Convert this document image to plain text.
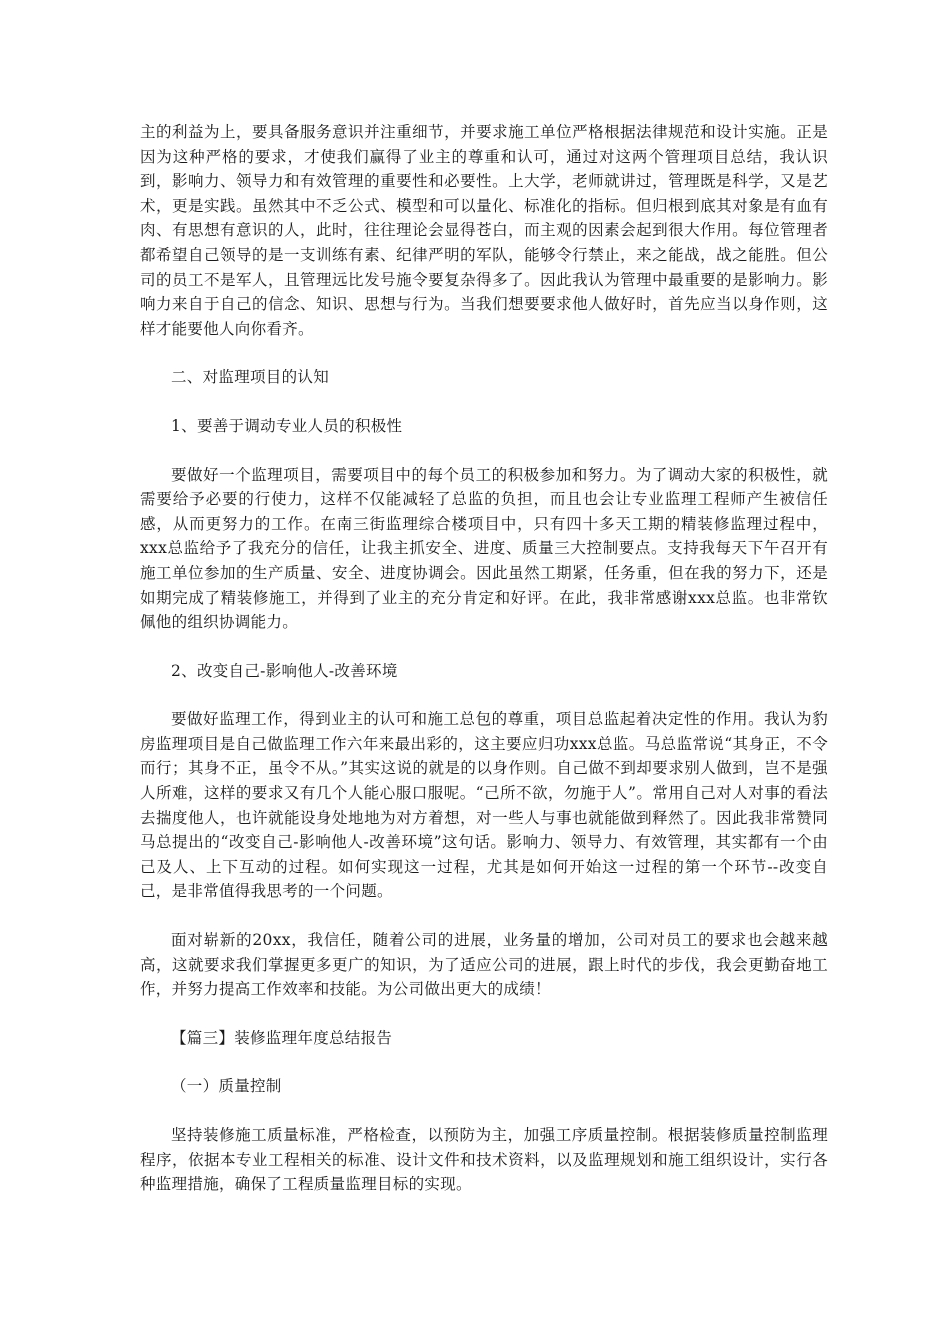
主的利益为上，要具备服务意识并注重细节，并要求施工单位严格根据法律规范和设计实施。正是因为这种严格的要求，才使我们赢得了业主的尊重和认可，通过对这两个管理项目总结，我认识到，影响力、领导力和有效管理的重要性和必要性。上大学，老师就讲过，管理既是科学，又是艺术，更是实践。虽然其中不乏公式、模型和可以量化、标准化的指标。但归根到底其对象是有血有肉、有思想有意识的人，此时，往往理论会显得苍白，而主观的因素会起到很大作用。每位管理者都希望自己领导的是一支训练有素、纪律严明的军队，能够令行禁止，来之能战，战之能胜。但公司的员工不是军人，且管理远比发号施令要复杂得多了。因此我认为管理中最重要的是影响力。影响力来自于自己的信念、知识、思想与行为。当我们想要要求他人做好时，首先应当以身作则，这样才能要他人向你看齐。

二、对监理项目的认知

1、要善于调动专业人员的积极性

要做好一个监理项目，需要项目中的每个员工的积极参加和努力。为了调动大家的积极性，就需要给予必要的行使力，这样不仅能减轻了总监的负担，而且也会让专业监理工程师产生被信任感，从而更努力的工作。在南三街监理综合楼项目中，只有四十多天工期的精装修监理过程中，xxx总监给予了我充分的信任，让我主抓安全、进度、质量三大控制要点。支持我每天下午召开有施工单位参加的生产质量、安全、进度协调会。因此虽然工期紧，任务重，但在我的努力下，还是如期完成了精装修施工，并得到了业主的充分肯定和好评。在此，我非常感谢xxx总监。也非常钦佩他的组织协调能力。

2、改变自己-影响他人-改善环境

要做好监理工作，得到业主的认可和施工总包的尊重，项目总监起着决定性的作用。我认为豹房监理项目是自己做监理工作六年来最出彩的，这主要应归功xxx总监。马总监常说“其身正，不令而行；其身不正，虽令不从。”其实这说的就是的以身作则。自己做不到却要求别人做到，岂不是强人所难，这样的要求又有几个人能心服口服呢。“己所不欲，勿施于人”。常用自己对人对事的看法去揣度他人，也许就能设身处地地为对方着想，对一些人与事也就能做到释然了。因此我非常赞同马总提出的“改变自己-影响他人-改善环境”这句话。影响力、领导力、有效管理，其实都有一个由己及人、上下互动的过程。如何实现这一过程，尤其是如何开始这一过程的第一个环节--改变自己，是非常值得我思考的一个问题。

面对崭新的20xx，我信任，随着公司的进展，业务量的增加，公司对员工的要求也会越来越高，这就要求我们掌握更多更广的知识，为了适应公司的进展，跟上时代的步伐，我会更勤奋地工作，并努力提高工作效率和技能。为公司做出更大的成绩！

【篇三】装修监理年度总结报告

（一）质量控制

坚持装修施工质量标准，严格检查，以预防为主，加强工序质量控制。根据装修质量控制监理程序，依据本专业工程相关的标准、设计文件和技术资料，以及监理规划和施工组织设计，实行各种监理措施，确保了工程质量监理目标的实现。
